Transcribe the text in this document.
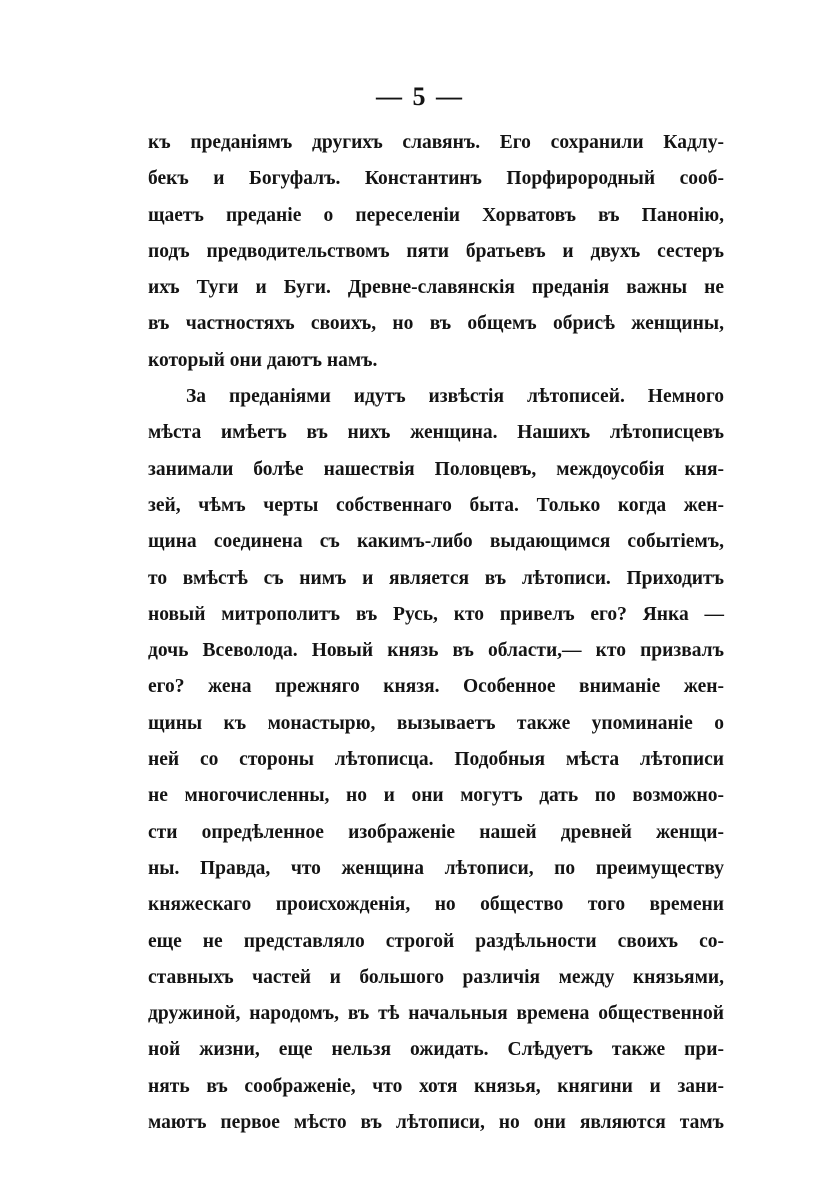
— 5 —
къ преданіямъ другихъ славянъ. Его сохранили Кадлу-
бекъ и Богуфалъ. Константинъ Порфирородный сооб-
щаетъ преданіе о переселеніи Хорватовъ въ Панонію,
подъ предводительствомъ пяти братьевъ и двухъ сестеръ
ихъ Туги и Буги. Древне-славянскія преданія важны не
въ частностяхъ своихъ, но въ общемъ обрисѣ женщины,
который они даютъ намъ.
За преданіями идутъ извѣстія лѣтописей. Немного
мѣста имѣетъ въ нихъ женщина. Нашихъ лѣтописцевъ
занимали болѣе нашествія Половцевъ, междоусобія кня-
зей, чѣмъ черты собственнаго быта. Только когда жен-
щина соединена съ какимъ-либо выдающимся событіемъ,
то вмѣстѣ съ нимъ и является въ лѣтописи. Приходитъ
новый митрополитъ въ Русь, кто привелъ его? Янка —
дочь Всеволода. Новый князь въ области,— кто призвалъ
его? жена прежняго князя. Особенное вниманіе жен-
щины къ монастырю, вызываетъ также упоминаніе о
ней со стороны лѣтописца. Подобныя мѣста лѣтописи
не многочисленны, но и они могутъ дать по возможно-
сти опредѣленное изображеніе нашей древней женщи-
ны. Правда, что женщина лѣтописи, по преимуществу
княжескаго происхожденія, но общество того времени
еще не представляло строгой раздѣльности своихъ со-
ставныхъ частей и большого различія между князьями,
дружиной, народомъ, въ тѣ начальныя времена общественной
ной жизни, еще нельзя ожидать. Слѣдуетъ также при-
нять въ соображеніе, что хотя князья, княгини и зани-
маютъ первое мѣсто въ лѣтописи, но они являются тамъ
